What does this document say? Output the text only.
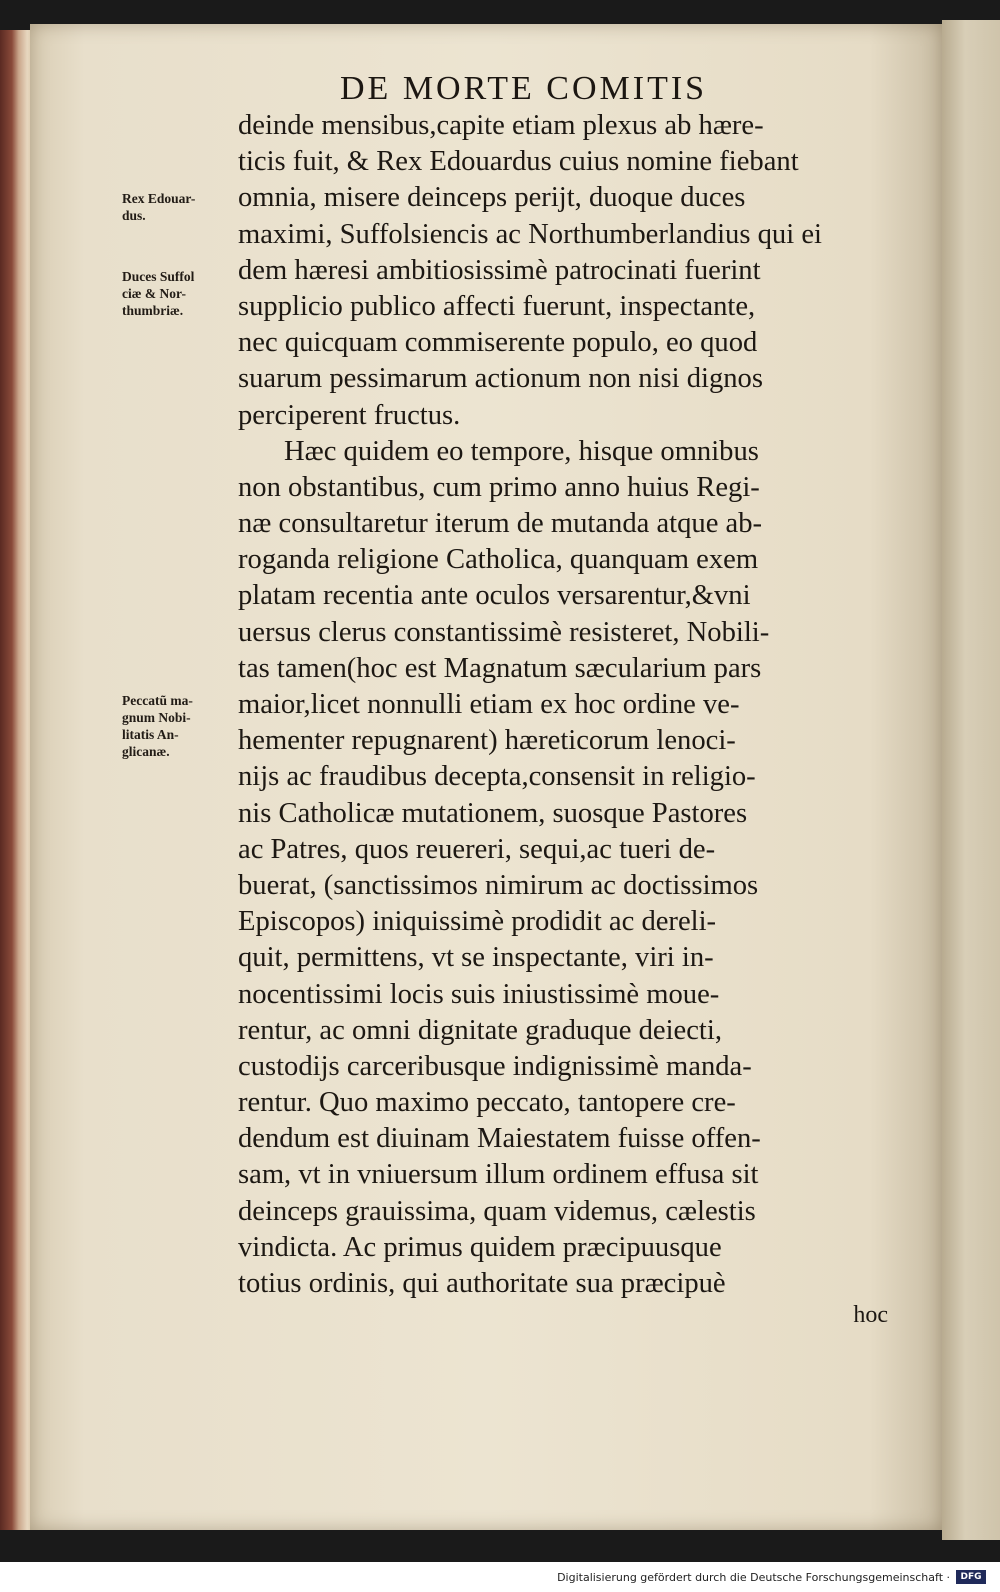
DE MORTE COMITIS
Rex Edouar-
dus.
Duces Suffol
ciæ & Nor-
thumbriæ.
Peccatũ ma-
gnum Nobi-
litatis An-
glicanæ.
deinde mensibus,capite etiam plexus ab hære-
ticis fuit, & Rex Edouardus cuius nomine fiebant
omnia, misere deinceps perijt, duoque duces
maximi, Suffolsiencis ac Northumberlandius qui ei
dem hæresi ambitiosissimè patrocinati fuerint
supplicio publico affecti fuerunt, inspectante,
nec quicquam commiserente populo, eo quod
suarum pessimarum actionum non nisi dignos
perciperent fructus.
Hæc quidem eo tempore, hisque omnibus
non obstantibus, cum primo anno huius Regi-
næ consultaretur iterum de mutanda atque ab-
roganda religione Catholica, quanquam exem
platam recentia ante oculos versarentur,&vni
uersus clerus constantissimè resisteret, Nobili-
tas tamen(hoc est Magnatum sæcularium pars
maior,licet nonnulli etiam ex hoc ordine ve-
hementer repugnarent) hæreticorum lenoci-
nijs ac fraudibus decepta,consensit in religio-
nis Catholicæ mutationem, suosque Pastores
ac Patres, quos reuereri, sequi,ac tueri de-
buerat, (sanctissimos nimirum ac doctissimos
Episcopos) iniquissimè prodidit ac dereli-
quit, permittens, vt se inspectante, viri in-
nocentissimi locis suis iniustissimè moue-
rentur, ac omni dignitate graduque deiecti,
custodijs carceribusque indignissimè manda-
rentur. Quo maximo peccato, tantopere cre-
dendum est diuinam Maiestatem fuisse offen-
sam, vt in vniuersum illum ordinem effusa sit
deinceps grauissima, quam videmus, cælestis
vindicta. Ac primus quidem præcipuusque
totius ordinis, qui authoritate sua præcipuè
hoc
Digitalisierung gefördert durch die Deutsche Forschungsgemeinschaft ·	DFG
